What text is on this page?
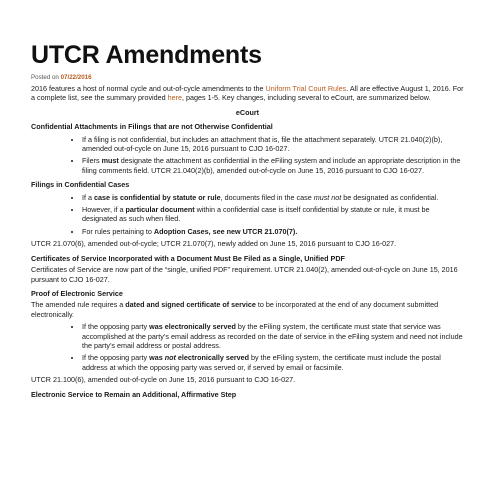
UTCR Amendments
Posted on 07/22/2016

2016 features a host of normal cycle and out-of-cycle amendments to the Uniform Trial Court Rules. All are effective August 1, 2016. For a complete list, see the summary provided here, pages 1-5. Key changes, including several to eCourt, are summarized below.

eCourt

Confidential Attachments in Filings that are not Otherwise Confidential

• If a filing is not confidential, but includes an attachment that is, file the attachment separately. UTCR 21.040(2)(b), amended out-of-cycle on June 15, 2016 pursuant to CJO 16-027.
• Filers must designate the attachment as confidential in the eFiling system and include an appropriate description in the filing comments field. UTCR 21.040(2)(b), amended out-of-cycle on June 15, 2016 pursuant to CJO 16-027.

Filings in Confidential Cases

• If a case is confidential by statute or rule, documents filed in the case must not be designated as confidential.
• However, if a particular document within a confidential case is itself confidential by statute or rule, it must be designated as such when filed.
• For rules pertaining to Adoption Cases, see new UTCR 21.070(7).

UTCR 21.070(6), amended out-of-cycle; UTCR 21.070(7), newly added on June 15, 2016 pursuant to CJO 16-027.

Certificates of Service Incorporated with a Document Must Be Filed as a Single, Unified PDF

Certificates of Service are now part of the “single, unified PDF” requirement. UTCR 21.040(2), amended out-of-cycle on June 15, 2016 pursuant to CJO 16-027.

Proof of Electronic Service

The amended rule requires a dated and signed certificate of service to be incorporated at the end of any document submitted electronically.

• If the opposing party was electronically served by the eFiling system, the certificate must state that service was accomplished at the party’s email address as recorded on the date of service in the eFiling system and need not include the party’s email address or postal address.
• If the opposing party was not electronically served by the eFiling system, the certificate must include the postal address at which the opposing party was served or, if served by email or facsimile.

UTCR 21.100(6), amended out-of-cycle on June 15, 2016 pursuant to CJO 16-027.

Electronic Service to Remain an Additional, Affirmative Step
